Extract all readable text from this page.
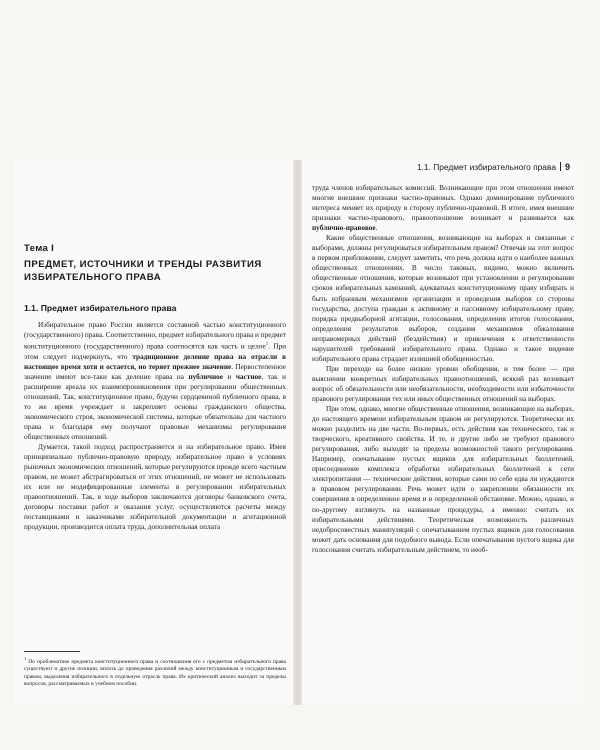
1.1. Предмет избирательного права 9
Тема I
ПРЕДМЕТ, ИСТОЧНИКИ И ТРЕНДЫ РАЗВИТИЯ ИЗБИРАТЕЛЬНОГО ПРАВА
1.1. Предмет избирательного права

Избирательное право России является составной частью конституционного (государственного) права. Соответственно, предмет избирательного права и предмет конституционного (государственного) права соотносятся как часть и целое$^1$. При этом следует подчеркнуть, что традиционное деление права на отрасли в настоящее время хотя и остается, но теряет прежнее значение. Первостепенное значение имеют все-таки как деление права на публичное и частное, так и расширение ареала их взаимопроникновения при регулировании общественных отношений. Так, конституционное право, будучи сердцевиной публичного права, в то же время учреждает и закрепляет основы гражданского общества, экономического строя, экономической системы, которые обязательны для частного права и благодаря ему получают правовые механизмы регулирования общественных отношений.

Думается, такой подход распространяется и на избирательное право. Имея принципиально публично-правовую природу, избирательное право в условиях рыночных экономических отношений, которые регулируются прежде всего частным правом, не может абстрагироваться от этих отношений, не может не использовать их или не модифицированные элементы в регулировании избирательных правоотношений. Так, в ходе выборов заключаются договоры банковского счета, договоры поставки работ и оказания услуг, осуществляются расчеты между поставщиками и заказчиками избирательной документации и агитационной продукции, производится оплата труда, дополнительная оплата

$^1$ По проблематике предмета конституционного права и соотношения его с предметом избирательного права существуют и другие позиции, вплоть до проведения различий между конституционным и государственным правом, выделения избирательного в отдельную отрасль права. Их критический анализ выходит за пределы вопросов, рассматриваемых в учебном пособии.

труда членов избирательных комиссий. Возникающие при этом отношения имеют многие внешние признаки частно-правовых. Однако доминирование публичного интереса меняет их природу в сторону публично-правовой. В итоге, имея внешние признаки частно-правового, правоотношение возникает и развивается как публично-правовое.

Какие общественные отношения, возникающие на выборах и связанные с выборами, должны регулироваться избирательным правом? Отвечая на этот вопрос в первом приближении, следует заметить, что речь должна идти о наиболее важных общественных отношениях. В число таковых, видимо, можно включить общественные отношения, которые возникают при установлении и регулировании сроков избирательных кампаний, адекватных конституционному праву избирать и быть избранным механизмов организации и проведения выборов со стороны государства, доступа граждан к активному и пассивному избирательному праву, порядка предвыборной агитации, голосования, определения итогов голосования, определения результатов выборов, создания механизмов обжалования неправомерных действий (бездействия) и привлечения к ответственности нарушителей требований избирательного права. Однако и такое видение избирательного права страдает излишней обобщенностью.

При переходе на более низкие уровни обобщения, и тем более — при выяснении конкретных избирательных правоотношений, всякий раз возникает вопрос об обязательности или необязательности, необходимости или избыточности правового регулирования тех или иных общественных отношений на выборах.

При этом, однако, многие общественные отношения, возникающие на выборах, до настоящего времени избирательным правом не регулируются. Теоретически их можно разделить на две части. Во-первых, есть действия как технического, так и творческого, креативного свойства. И те, и другие либо не требуют правового регулирования, либо выходят за пределы возможностей такого регулирования. Например, опечатывание пустых ящиков для избирательных бюллетеней, присоединение комплекса обработки избирательных бюллетеней к сети электропитания — технические действия, которые сами по себе едва ли нуждаются в правовом регулировании. Речь может идти о закреплении обязанности их совершения в определенное время и в определенной обстановке. Можно, однако, и по-другому взглянуть на названные процедуры, а именно: считать их избирательными действиями. Теоретическая возможность различных недобросовестных манипуляций с опечатыванием пустых ящиков для голосования может дать основания для подобного вывода. Если опечатывание пустого ящика для голосования считать избирательным действием, то необ-
